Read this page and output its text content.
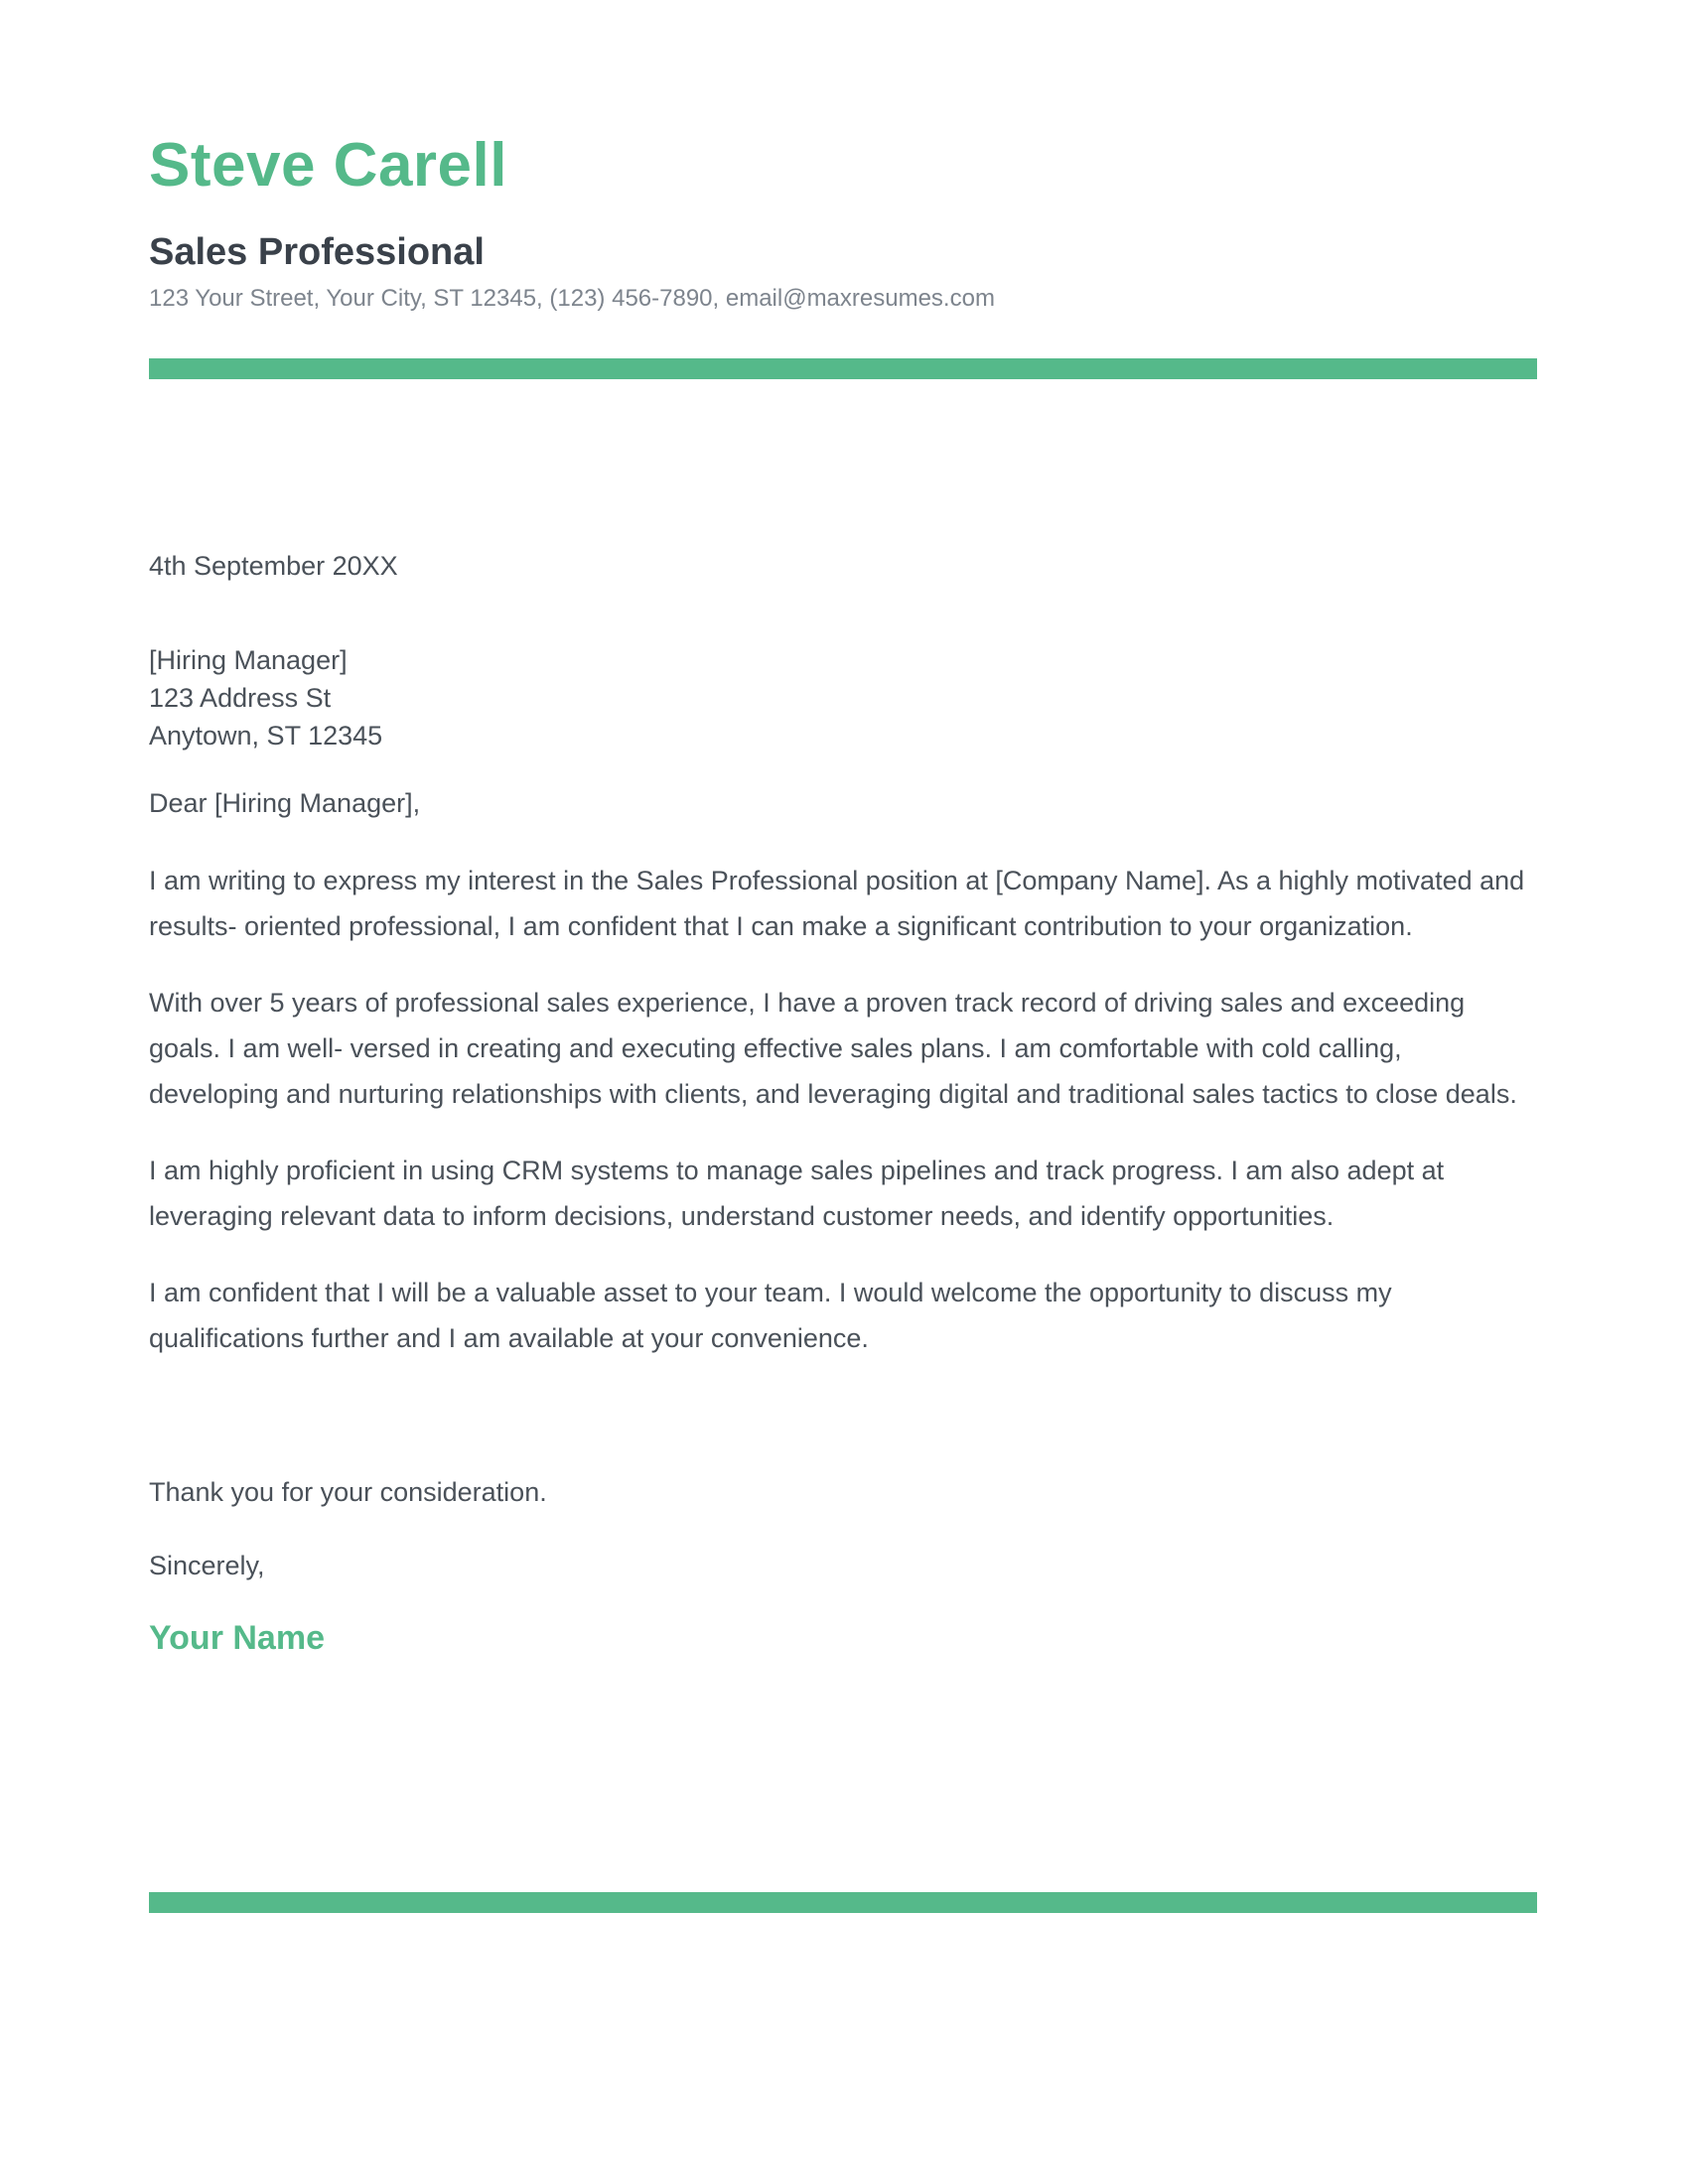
Steve Carell
Sales Professional

123 Your Street, Your City, ST 12345, (123) 456-7890, email@maxresumes.com

4th September 20XX

[Hiring Manager]

123 Address St

Anytown, ST 12345

Dear [Hiring Manager],

I am writing to express my interest in the Sales Professional position at [Company Name]. As a highly motivated and results- oriented professional, I am confident that I can make a significant contribution to your organization.

With over 5 years of professional sales experience, I have a proven track record of driving sales and exceeding goals. I am well- versed in creating and executing effective sales plans. I am comfortable with cold calling, developing and nurturing relationships with clients, and leveraging digital and traditional sales tactics to close deals.

I am highly proficient in using CRM systems to manage sales pipelines and track progress. I am also adept at leveraging relevant data to inform decisions, understand customer needs, and identify opportunities.

I am confident that I will be a valuable asset to your team. I would welcome the opportunity to discuss my qualifications further and I am available at your convenience.

Thank you for your consideration.

Sincerely,

Your Name
